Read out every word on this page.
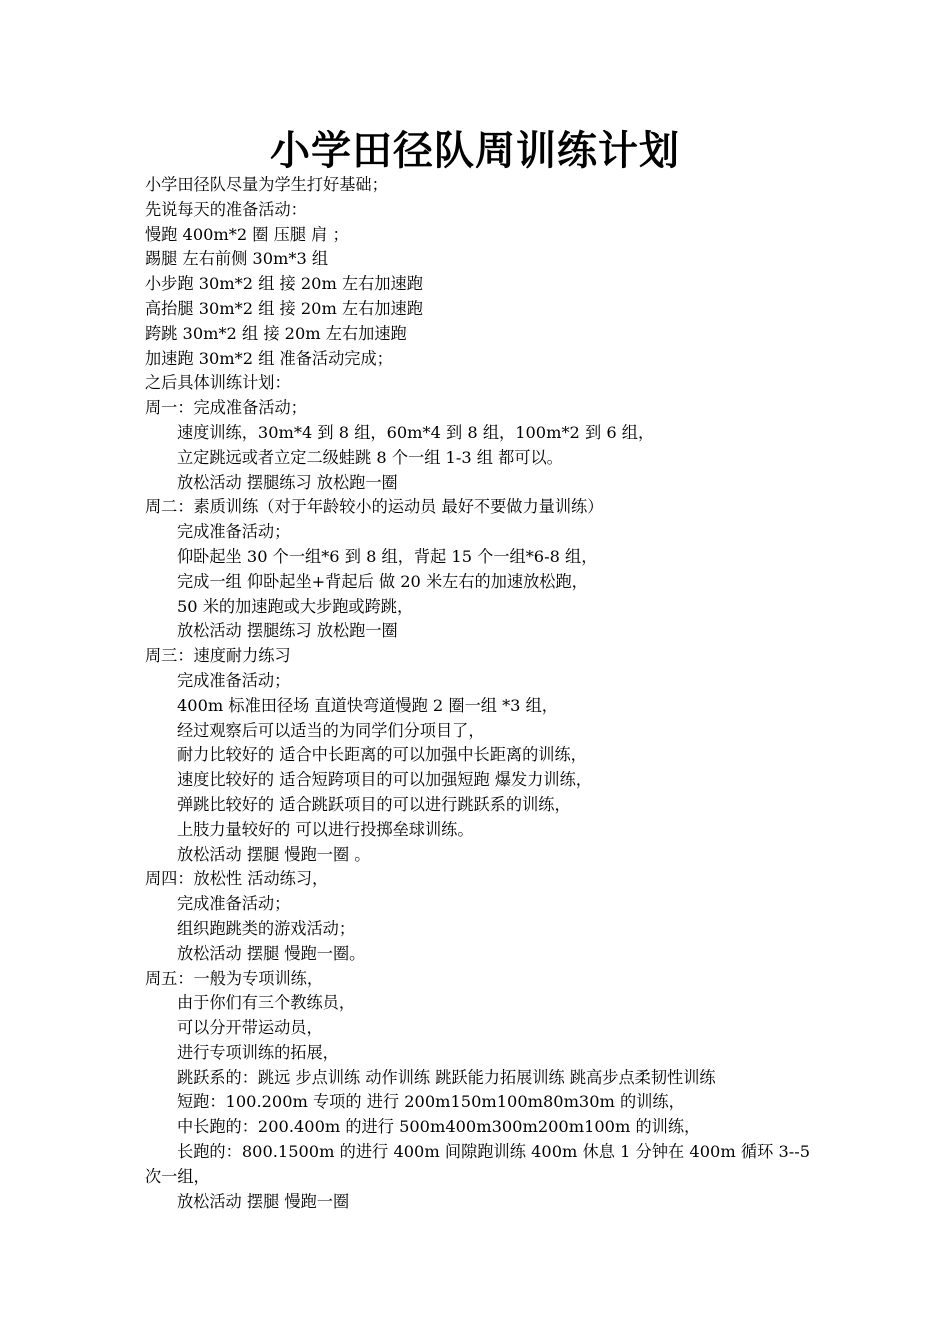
小学田径队周训练计划
小学田径队尽量为学生打好基础；
先说每天的准备活动：
慢跑 400m*2 圈 压腿 肩 ；
踢腿 左右前侧 30m*3 组
小步跑 30m*2 组 接 20m 左右加速跑
高抬腿 30m*2 组 接 20m 左右加速跑
跨跳 30m*2 组 接 20m 左右加速跑
加速跑 30m*2 组 准备活动完成；
之后具体训练计划：
周一：完成准备活动；
速度训练，30m*4 到 8 组，60m*4 到 8 组，100m*2 到 6 组，
立定跳远或者立定二级蛙跳 8 个一组 1-3 组 都可以。
放松活动 摆腿练习 放松跑一圈
周二：素质训练（对于年龄较小的运动员 最好不要做力量训练）
完成准备活动；
仰卧起坐 30 个一组*6 到 8 组，背起 15 个一组*6-8 组，
完成一组 仰卧起坐+背起后 做 20 米左右的加速放松跑，
50 米的加速跑或大步跑或跨跳，
放松活动 摆腿练习 放松跑一圈
周三：速度耐力练习
完成准备活动；
400m 标准田径场 直道快弯道慢跑 2 圈一组 *3 组，
经过观察后可以适当的为同学们分项目了，
耐力比较好的 适合中长距离的可以加强中长距离的训练，
速度比较好的 适合短跨项目的可以加强短跑 爆发力训练，
弹跳比较好的 适合跳跃项目的可以进行跳跃系的训练，
上肢力量较好的 可以进行投掷垒球训练。
放松活动 摆腿 慢跑一圈 。
周四：放松性 活动练习，
完成准备活动；
组织跑跳类的游戏活动；
放松活动 摆腿 慢跑一圈。
周五：一般为专项训练，
由于你们有三个教练员，
可以分开带运动员，
进行专项训练的拓展，
跳跃系的：跳远 步点训练 动作训练 跳跃能力拓展训练 跳高步点柔韧性训练
短跑：100.200m 专项的 进行 200m150m100m80m30m 的训练，
中长跑的：200.400m 的进行 500m400m300m200m100m 的训练，
长跑的：800.1500m 的进行 400m 间隙跑训练 400m 休息 1 分钟在 400m 循环 3--5 次一组，
放松活动 摆腿 慢跑一圈
